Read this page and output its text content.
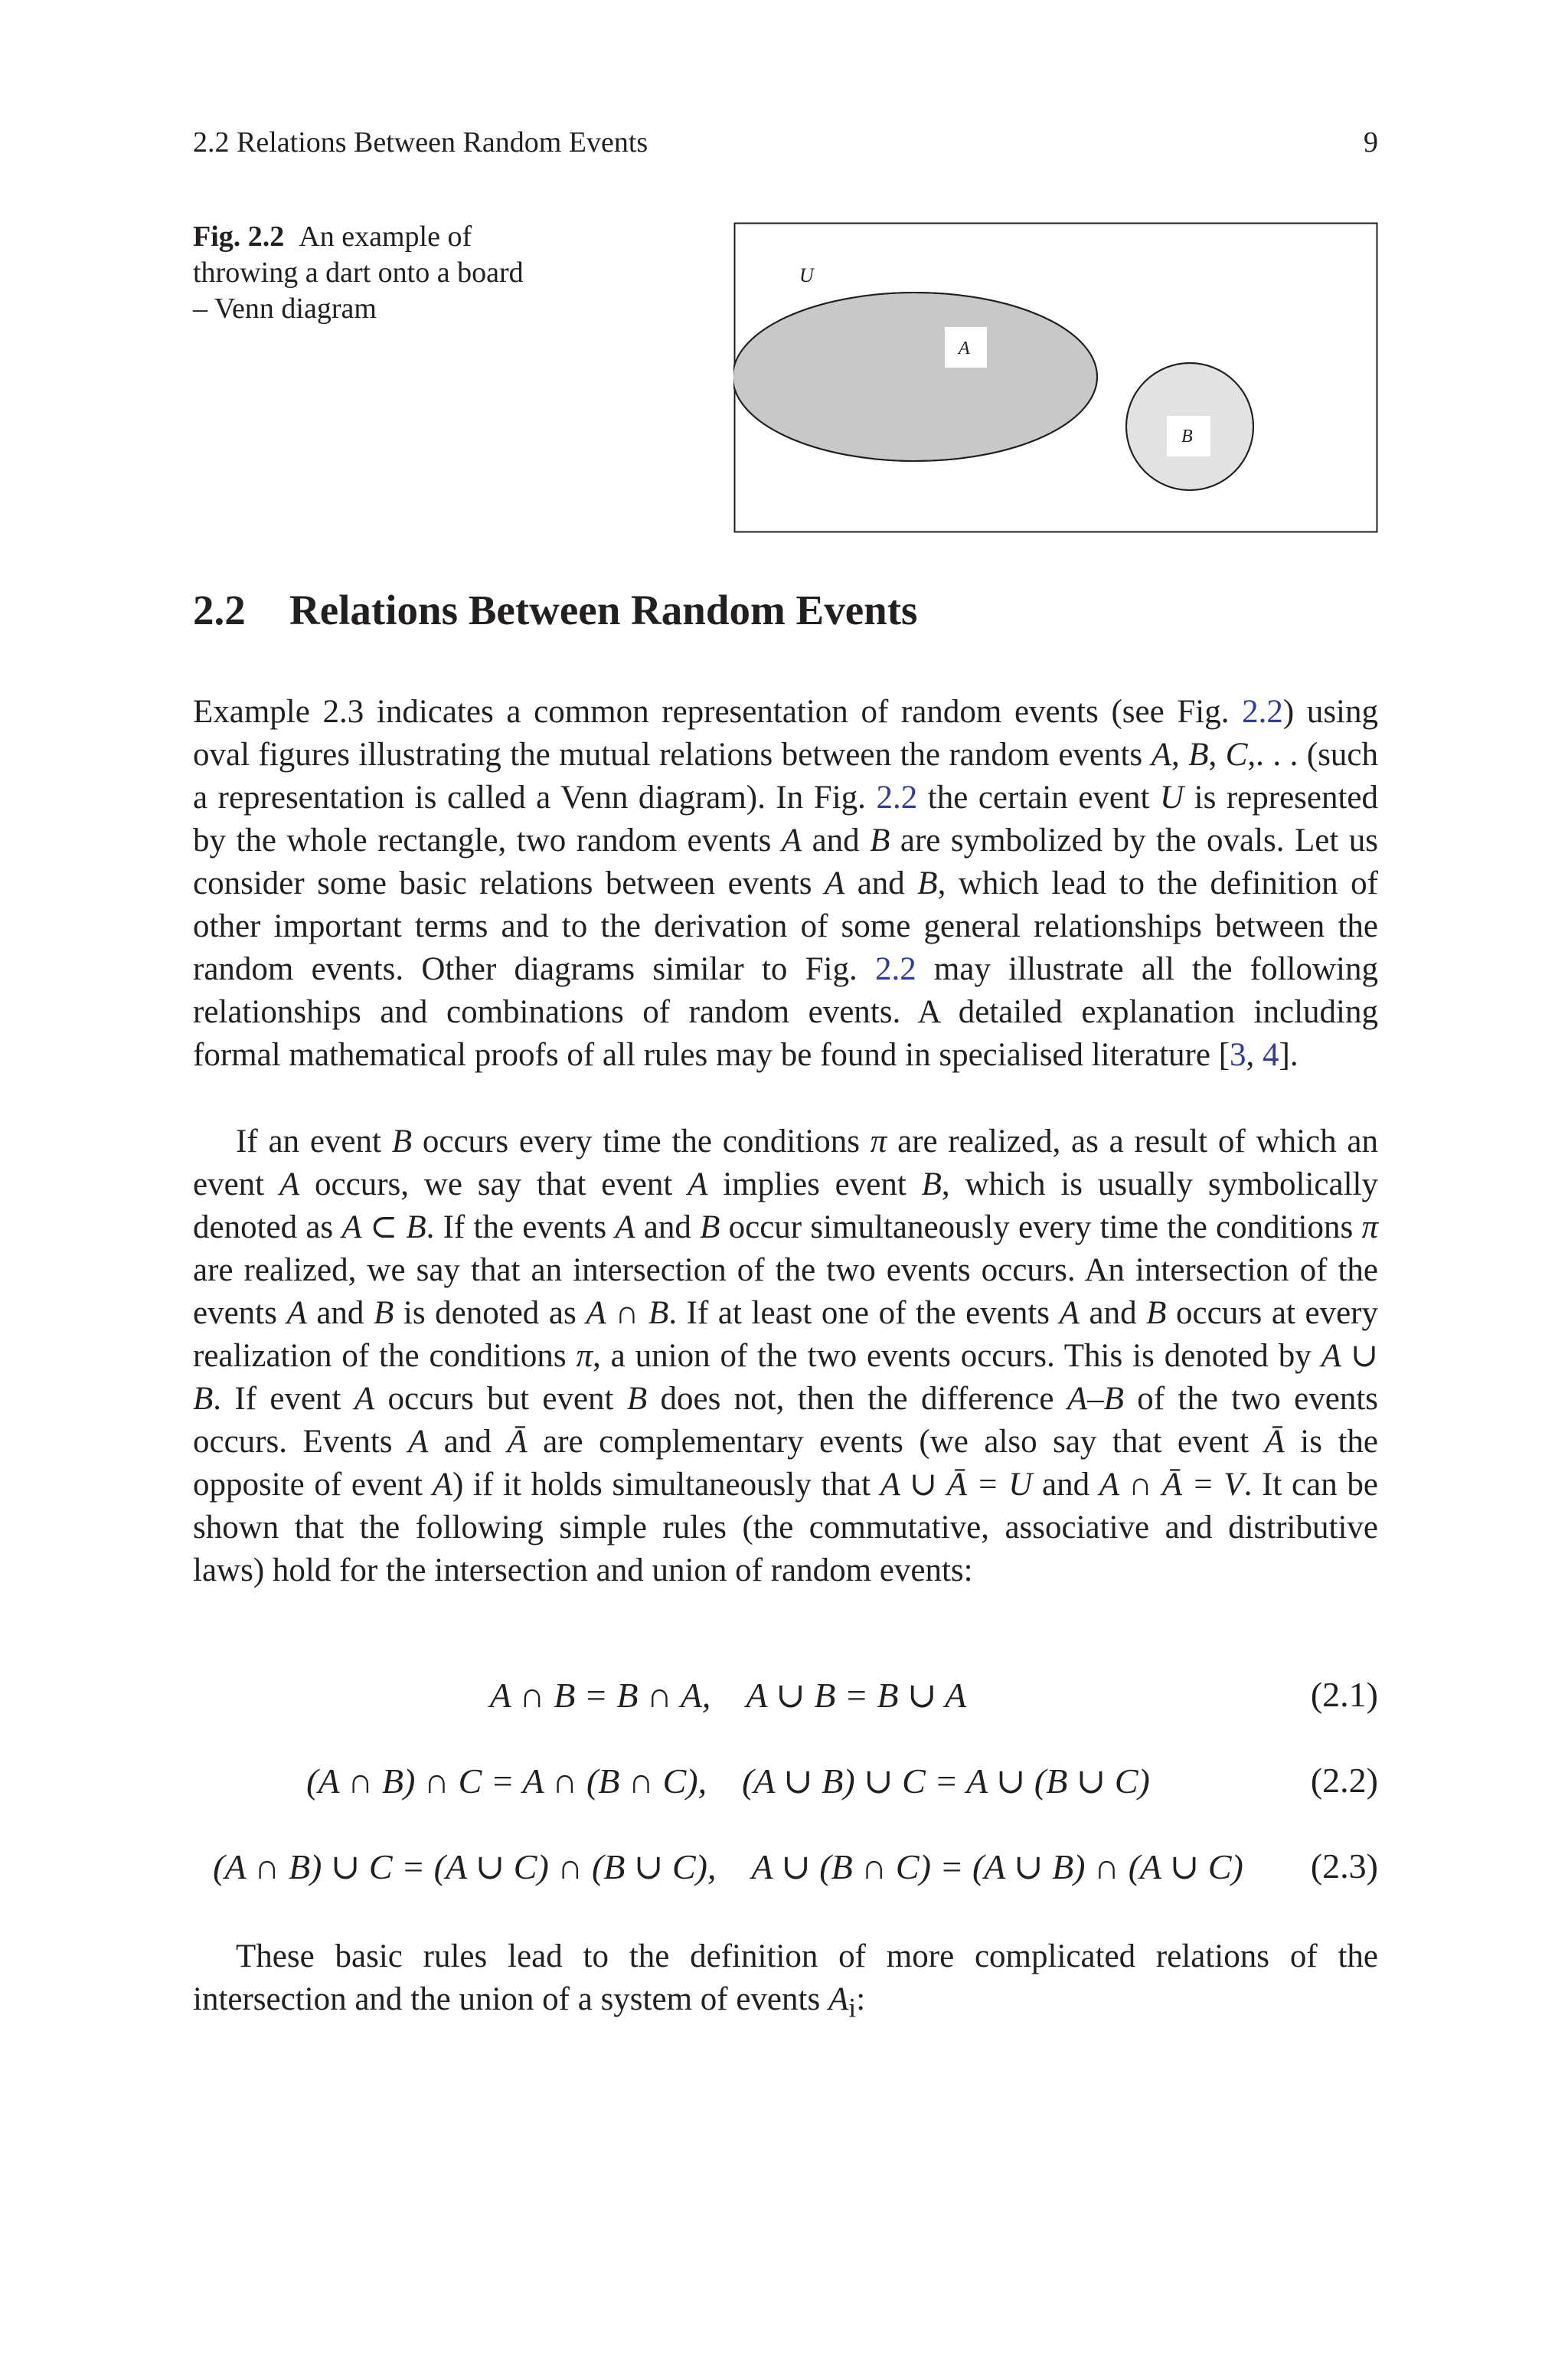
2.2 Relations Between Random Events	9
Fig. 2.2 An example of throwing a dart onto a board – Venn diagram
U
A
B
2.2 Relations Between Random Events

Example 2.3 indicates a common representation of random events (see Fig. 2.2) using oval figures illustrating the mutual relations between the random events A, B, C,. . . (such a representation is called a Venn diagram). In Fig. 2.2 the certain event U is represented by the whole rectangle, two random events A and B are symbolized by the ovals. Let us consider some basic relations between events A and B, which lead to the definition of other important terms and to the derivation of some general relationships between the random events. Other diagrams similar to Fig. 2.2 may illustrate all the following relationships and combinations of random events. A detailed explanation including formal mathematical proofs of all rules may be found in specialised literature [3, 4].

If an event B occurs every time the conditions π are realized, as a result of which an event A occurs, we say that event A implies event B, which is usually symbolically denoted as A ⊂ B. If the events A and B occur simultaneously every time the conditions π are realized, we say that an intersection of the two events occurs. An intersection of the events A and B is denoted as A ∩ B. If at least one of the events A and B occurs at every realization of the conditions π, a union of the two events occurs. This is denoted by A ∪ B. If event A occurs but event B does not, then the difference A–B of the two events occurs. Events A and Ā are complementary events (we also say that event Ā is the opposite of event A) if it holds simultaneously that A ∪ Ā = U and A ∩ Ā = V. It can be shown that the following simple rules (the commutative, associative and distributive laws) hold for the intersection and union of random events:

A ∩ B = B ∩ A, A ∪ B = B ∪ A	(2.1)
(A ∩ B) ∩ C = A ∩ (B ∩ C), (A ∪ B) ∪ C = A ∪ (B ∪ C)	(2.2)
(A ∩ B) ∪ C = (A ∪ C) ∩ (B ∪ C), A ∪ (B ∩ C) = (A ∪ B) ∩ (A ∪ C)	(2.3)

These basic rules lead to the definition of more complicated relations of the intersection and the union of a system of events $A_i$:
